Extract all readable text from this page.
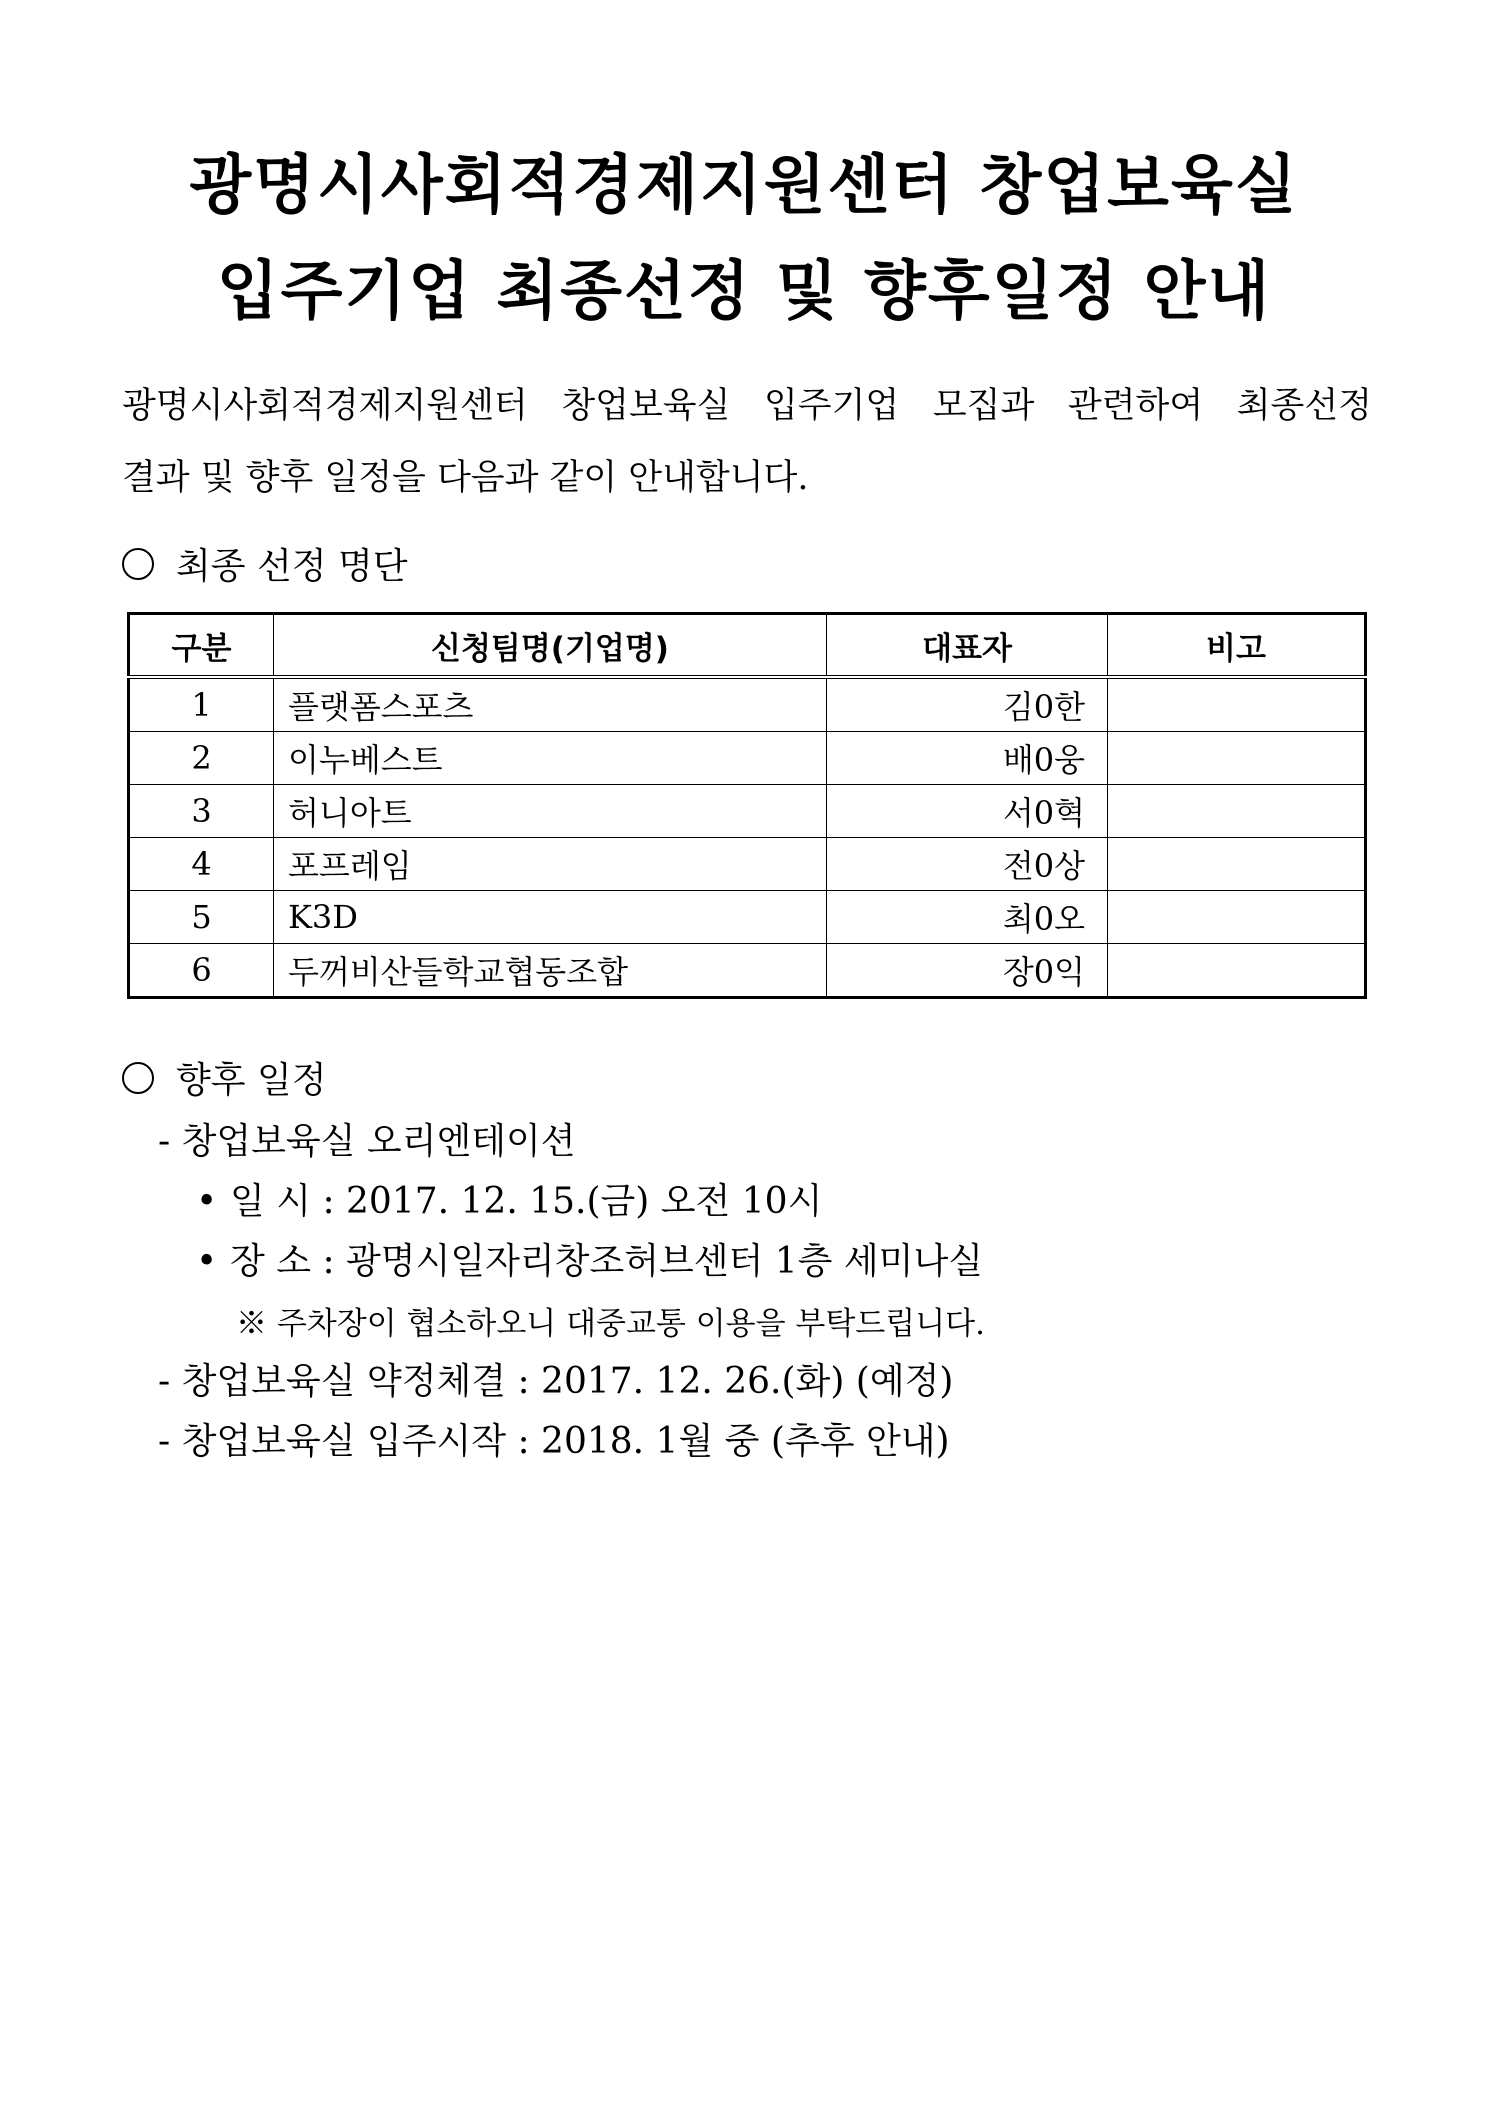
광명시사회적경제지원센터 창업보육실
입주기업 최종선정 및 향후일정 안내
광명시사회적경제지원센터 창업보육실 입주기업 모집과 관련하여 최종선정
결과 및 향후 일정을 다음과 같이 안내합니다.
최종 선정 명단
구분	신청팀명(기업명)	대표자	비고
1	플랫폼스포츠	김0한	
2	이누베스트	배0웅	
3	허니아트	서0혁	
4	포프레임	전0상	
5	K3D	최0오	
6	두꺼비산들학교협동조합	장0익	
향후 일정
- 창업보육실 오리엔테이션
• 일 시 : 2017. 12. 15.(금) 오전 10시
• 장 소 : 광명시일자리창조허브센터 1층 세미나실
※ 주차장이 협소하오니 대중교통 이용을 부탁드립니다.
- 창업보육실 약정체결 : 2017. 12. 26.(화) (예정)
- 창업보육실 입주시작 : 2018. 1월 중 (추후 안내)
